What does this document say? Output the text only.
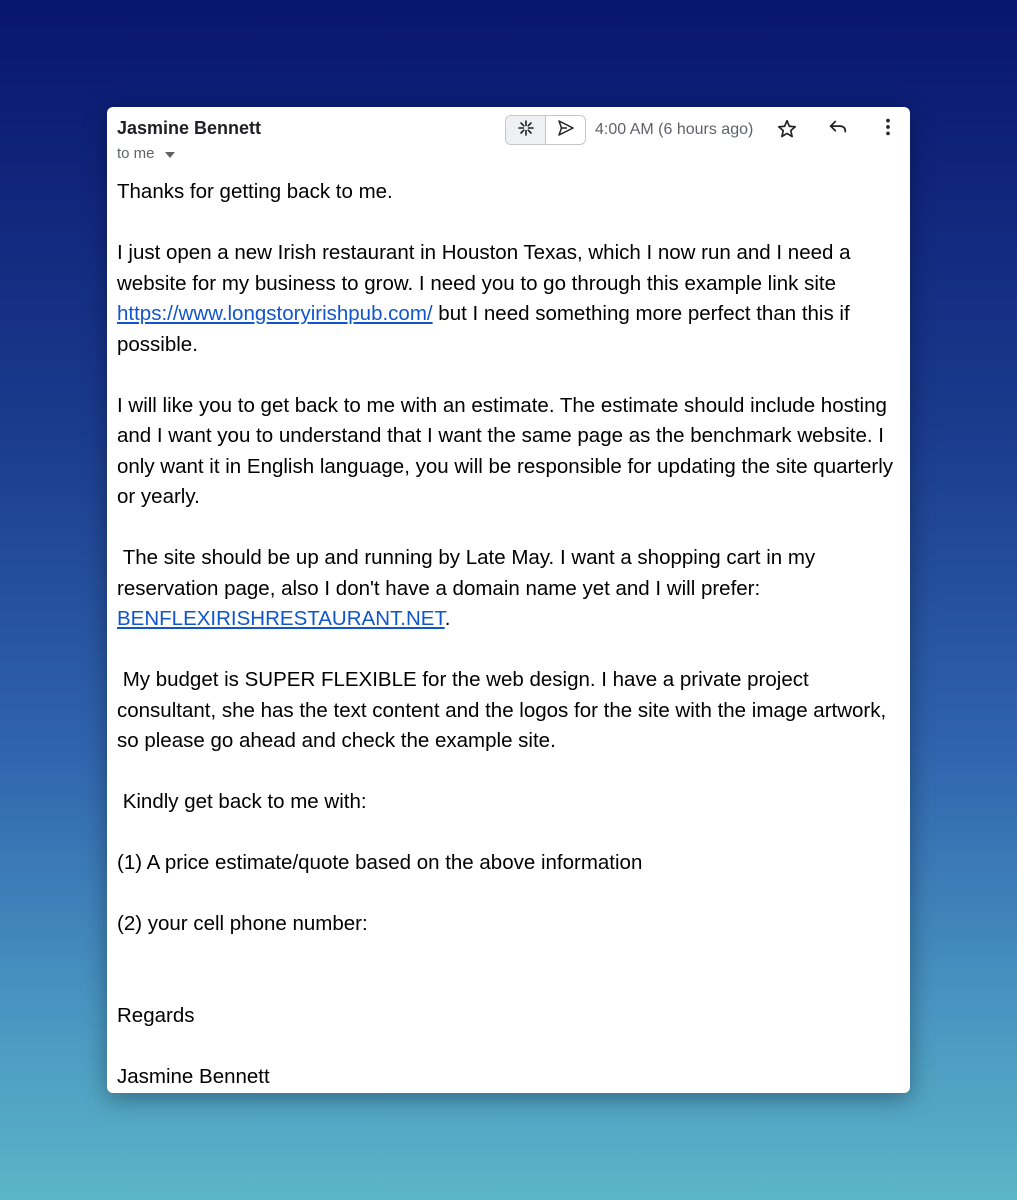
Jasmine Bennett
to me
4:00 AM (6 hours ago)

Thanks for getting back to me.

I just open a new Irish restaurant in Houston Texas, which I now run and I need a website for my business to grow. I need you to go through this example link site https://www.longstoryirishpub.com/ but I need something more perfect than this if possible.

I will like you to get back to me with an estimate. The estimate should include hosting and I want you to understand that I want the same page as the benchmark website. I only want it in English language, you will be responsible for updating the site quarterly or yearly.

The site should be up and running by Late May. I want a shopping cart in my reservation page, also I don't have a domain name yet and I will prefer: BENFLEXIRISHRESTAURANT.NET.

My budget is SUPER FLEXIBLE for the web design. I have a private project consultant, she has the text content and the logos for the site with the image artwork, so please go ahead and check the example site.

Kindly get back to me with:

(1) A price estimate/quote based on the above information

(2) your cell phone number:

Regards

Jasmine Bennett
